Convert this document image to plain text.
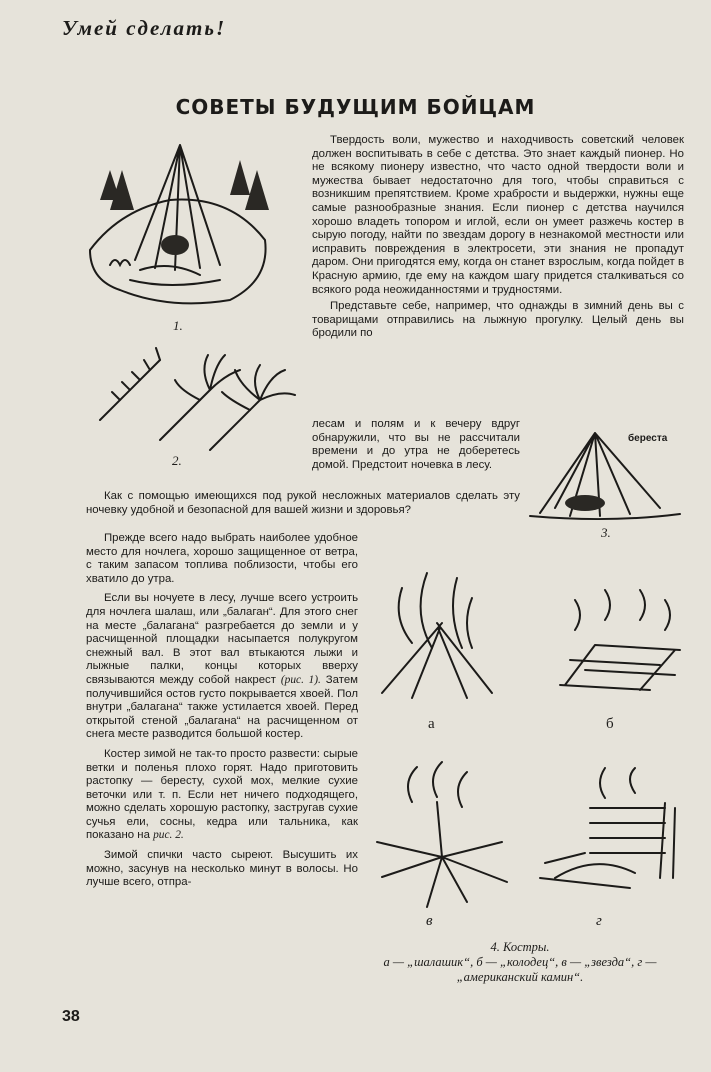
Умей сделать!
СОВЕТЫ БУДУЩИМ БОЙЦАМ
1.
2.

Твердость воли, мужество и находчивость советский человек должен воспитывать в себе с детства. Это знает каждый пионер. Но не всякому пионеру известно, что часто одной твердости воли и мужества бывает недостаточно для того, чтобы справиться с возникшим препятствием. Кроме храбрости и выдержки, нужны еще самые разнообразные знания. Если пионер с детства научился хорошо владеть топором и иглой, если он умеет разжечь костер в сырую погоду, найти по звездам дорогу в незнакомой местности или исправить повреждения в электросети, эти знания не пропадут даром. Они пригодятся ему, когда он станет взрослым, когда пойдет в Красную армию, где ему на каждом шагу придется сталкиваться со всякого рода неожиданностями и трудностями.

Представьте себе, например, что однажды в зимний день вы с товарищами отправились на лыжную прогулку. Целый день вы бродили по

лесам и полям и к вечеру вдруг обнаружили, что вы не рассчитали времени и до утра не доберетесь домой. Предстоит ночевка в лесу.
береста
3.
Как с помощью имеющихся под рукой несложных материалов сделать эту ночевку удобной и безопасной для вашей жизни и здоровья?

Прежде всего надо выбрать наиболее удобное место для ночлега, хорошо защищенное от ветра, с таким запасом топлива поблизости, чтобы его хватило до утра.

Если вы ночуете в лесу, лучше всего устроить для ночлега шалаш, или „балаган“. Для этого снег на месте „балагана“ разгребается до земли и у расчищенной площадки насыпается полукругом снежный вал. В этот вал втыкаются лыжи и лыжные палки, концы которых вверху связываются между собой накрест (рис. 1). Затем получившийся остов густо покрывается хвоей. Пол внутри „балагана“ также устилается хвоей. Перед открытой стеной „балагана“ на расчищенном от снега месте разводится большой костер.

Костер зимой не так-то просто развести: сырые ветки и поленья плохо горят. Надо приготовить растопку — бересту, сухой мох, мелкие сухие веточки или т. п. Если нет ничего подходящего, можно сделать хорошую растопку, застругав сухие сучья ели, сосны, кедра или тальника, как показано на рис. 2.

Зимой спички часто сыреют. Высушить их можно, засунув на несколько минут в волосы. Но лучше всего, отпра-

а	б
в	г
4. Костры.
а — „шалашик“, б — „колодец“, в — „звезда“, г — „американский камин“.
38
